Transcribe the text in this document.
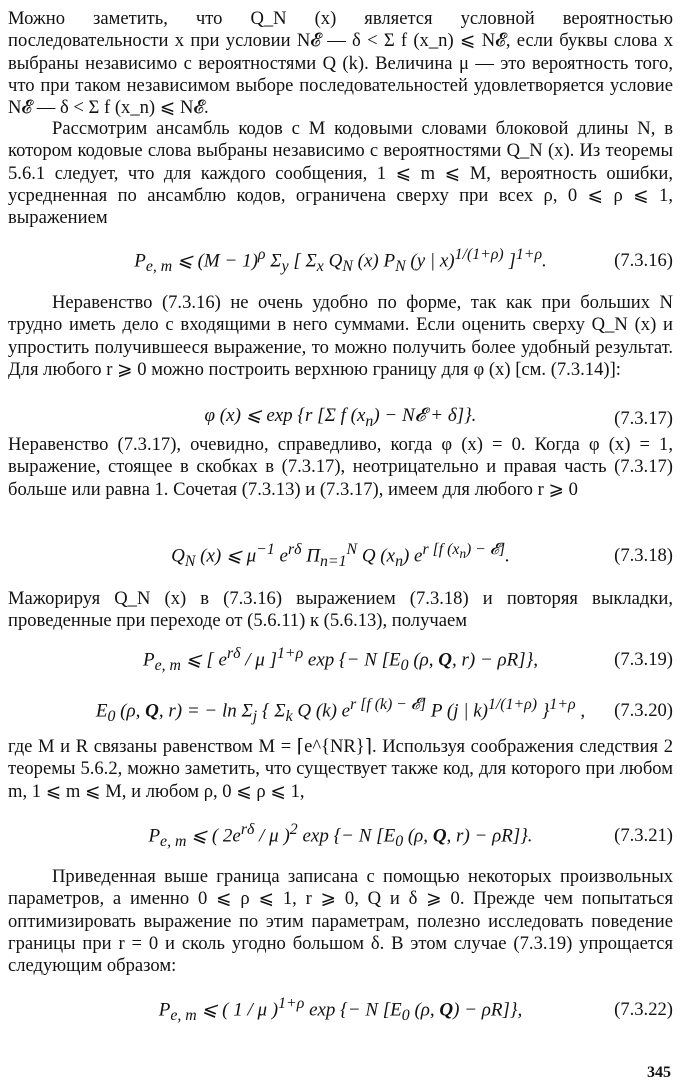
Можно заметить, что Q_N (x) является условной вероятностью последовательности x при условии N𝓔 — δ < Σ f (x_n) ⩽ N𝓔, если буквы слова x выбраны независимо с вероятностями Q (k). Величина μ — это вероятность того, что при таком независимом выборе последовательностей удовлетворяется условие N𝓔 — δ < Σ f (x_n) ⩽ N𝓔.

Рассмотрим ансамбль кодов с M кодовыми словами блоковой длины N, в котором кодовые слова выбраны независимо с вероятностями Q_N (x). Из теоремы 5.6.1 следует, что для каждого сообщения, 1 ⩽ m ⩽ M, вероятность ошибки, усредненная по ансамблю кодов, ограничена сверху при всех ρ, 0 ⩽ ρ ⩽ 1, выражением

$P_{e, m}$ ⩽ $(M - 1)^\rho$ $\Sigma_y$ [ $\Sigma_x$ $Q_N$ (x) $P_N$ (y | x)$^{1/(1+\rho)}$ ]$^{1+\rho}$.	(7.3.16)

Неравенство (7.3.16) не очень удобно по форме, так как при больших N трудно иметь дело с входящими в него суммами. Если оценить сверху Q_N (x) и упростить получившееся выражение, то можно получить более удобный результат. Для любого r ⩾ 0 можно построить верхнюю границу для φ (x) [см. (7.3.14)]:

φ (x) ⩽ exp {r [Σ f $(x_n)$ − N𝓔 + δ]}.	(7.3.17)

Неравенство (7.3.17), очевидно, справедливо, когда φ (x) = 0. Когда φ (x) = 1, выражение, стоящее в скобках в (7.3.17), неотрицательно и правая часть (7.3.17) больше или равна 1. Сочетая (7.3.13) и (7.3.17), имеем для любого r ⩾ 0

$Q_N$ (x) ⩽ $\mu^{-1}$ $e^{r\delta}$ $\Pi_{n=1}^N$ Q $(x_n)$ $e^{r [f (x_n) - 𝓔]}$.	(7.3.18)

Мажорируя Q_N (x) в (7.3.16) выражением (7.3.18) и повторяя выкладки, проведенные при переходе от (5.6.11) к (5.6.13), получаем

$P_{e, m}$ ⩽ [ $e^{r\delta}$ / μ ]$^{1+\rho}$ exp {− N [$E_0$ (ρ, Q, r) − ρR]},	(7.3.19)
$E_0$ (ρ, Q, r) = − $\ln \Sigma_j$ { $\Sigma_k$ Q (k) $e^{r [f (k) - 𝓔]}$ P (j | k)$^{1/(1+\rho)}$ }$^{1+\rho}$ , (7.3.20)

где M и R связаны равенством M = ⌈e^{NR}⌉. Используя соображения следствия 2 теоремы 5.6.2, можно заметить, что существует также код, для которого при любом m, 1 ⩽ m ⩽ M, и любом ρ, 0 ⩽ ρ ⩽ 1,

$P_{e, m}$ ⩽ ( $2e^{r\delta}$ / μ )$^2$ exp {− N [$E_0$ (ρ, Q, r) − ρR]}.	(7.3.21)

Приведенная выше граница записана с помощью некоторых произвольных параметров, а именно 0 ⩽ ρ ⩽ 1, r ⩾ 0, Q и δ ⩾ 0. Прежде чем попытаться оптимизировать выражение по этим параметрам, полезно исследовать поведение границы при r = 0 и сколь угодно большом δ. В этом случае (7.3.19) упрощается следующим образом:

$P_{e, m}$ ⩽ ( 1 / μ )$^{1+\rho}$ exp {− N [$E_0$ (ρ, Q) − ρR]},	(7.3.22)
345
